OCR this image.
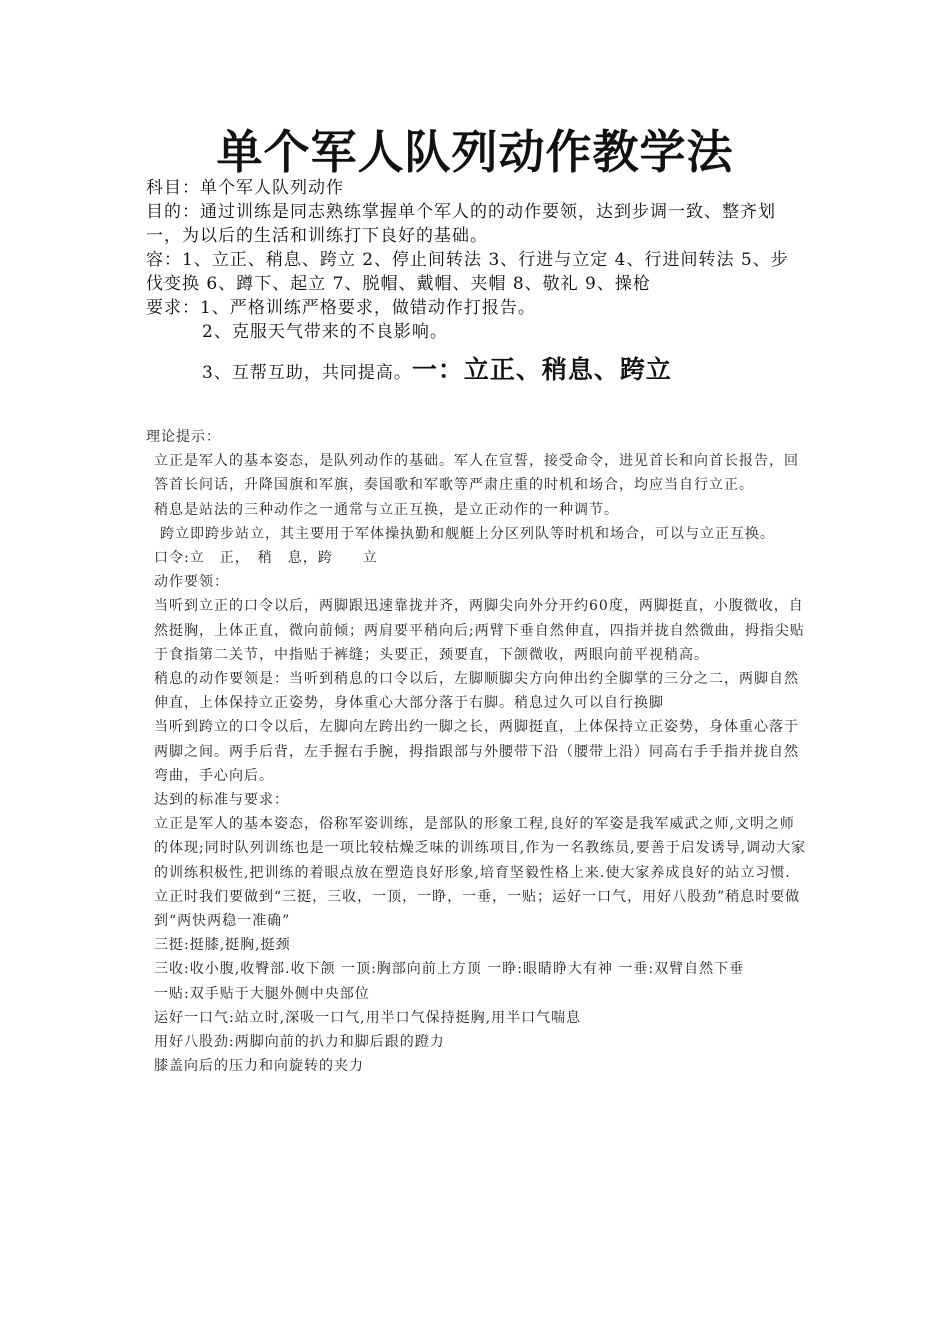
单个军人队列动作教学法

科目：单个军人队列动作

目的：通过训练是同志熟练掌握单个军人的的动作要领，达到步调一致、整齐划一，为以后的生活和训练打下良好的基础。

容：1、立正、稍息、跨立 2、停止间转法 3、行进与立定 4、行进间转法 5、步伐变换 6、蹲下、起立 7、脱帽、戴帽、夹帽 8、敬礼 9、操枪

要求：1、严格训练严格要求，做错动作打报告。

2、克服天气带来的不良影响。

3、互帮互助，共同提高。一：立正、稍息、跨立

理论提示：

立正是军人的基本姿态，是队列动作的基础。军人在宣誓，接受命令，进见首长和向首长报告，回答首长问话，升降国旗和军旗，奏国歌和军歌等严肃庄重的时机和场合，均应当自行立正。

稍息是站法的三种动作之一通常与立正互换，是立正动作的一种调节。

跨立即跨步站立，其主要用于军体操执勤和舰艇上分区列队等时机和场合，可以与立正互换。

口令:立　正，　稍　息，跨　　立

动作要领：

当听到立正的口令以后，两脚跟迅速靠拢并齐，两脚尖向外分开约60度，两脚挺直，小腹微收，自然挺胸，上体正直，微向前倾；两肩要平稍向后;两臂下垂自然伸直，四指并拢自然微曲，拇指尖贴于食指第二关节，中指贴于裤缝；头要正，颈要直，下颌微收，两眼向前平视稍高。

稍息的动作要领是：当听到稍息的口令以后，左脚顺脚尖方向伸出约全脚掌的三分之二，两脚自然伸直，上体保持立正姿势，身体重心大部分落于右脚。稍息过久可以自行换脚

当听到跨立的口令以后，左脚向左跨出约一脚之长，两脚挺直，上体保持立正姿势，身体重心落于两脚之间。两手后背，左手握右手腕，拇指跟部与外腰带下沿（腰带上沿）同高右手手指并拢自然弯曲，手心向后。

达到的标准与要求：

立正是军人的基本姿态，俗称军姿训练，是部队的形象工程,良好的军姿是我军威武之师,文明之师的体现;同时队列训练也是一项比较枯燥乏味的训练项目,作为一名教练员,要善于启发诱导,调动大家的训练积极性,把训练的着眼点放在塑造良好形象,培育坚毅性格上来.使大家养成良好的站立习惯.

立正时我们要做到“三挺，三收，一顶，一睁，一垂，一贴；运好一口气，用好八股劲”稍息时要做到“两快两稳一准确”

三挺:挺膝,挺胸,挺颈

三收:收小腹,收臀部.收下颌 一顶:胸部向前上方顶 一睁:眼睛睁大有神 一垂:双臂自然下垂

一贴:双手贴于大腿外侧中央部位

运好一口气:站立时,深吸一口气,用半口气保持挺胸,用半口气喘息

用好八股劲:两脚向前的扒力和脚后跟的蹬力

膝盖向后的压力和向旋转的夹力
